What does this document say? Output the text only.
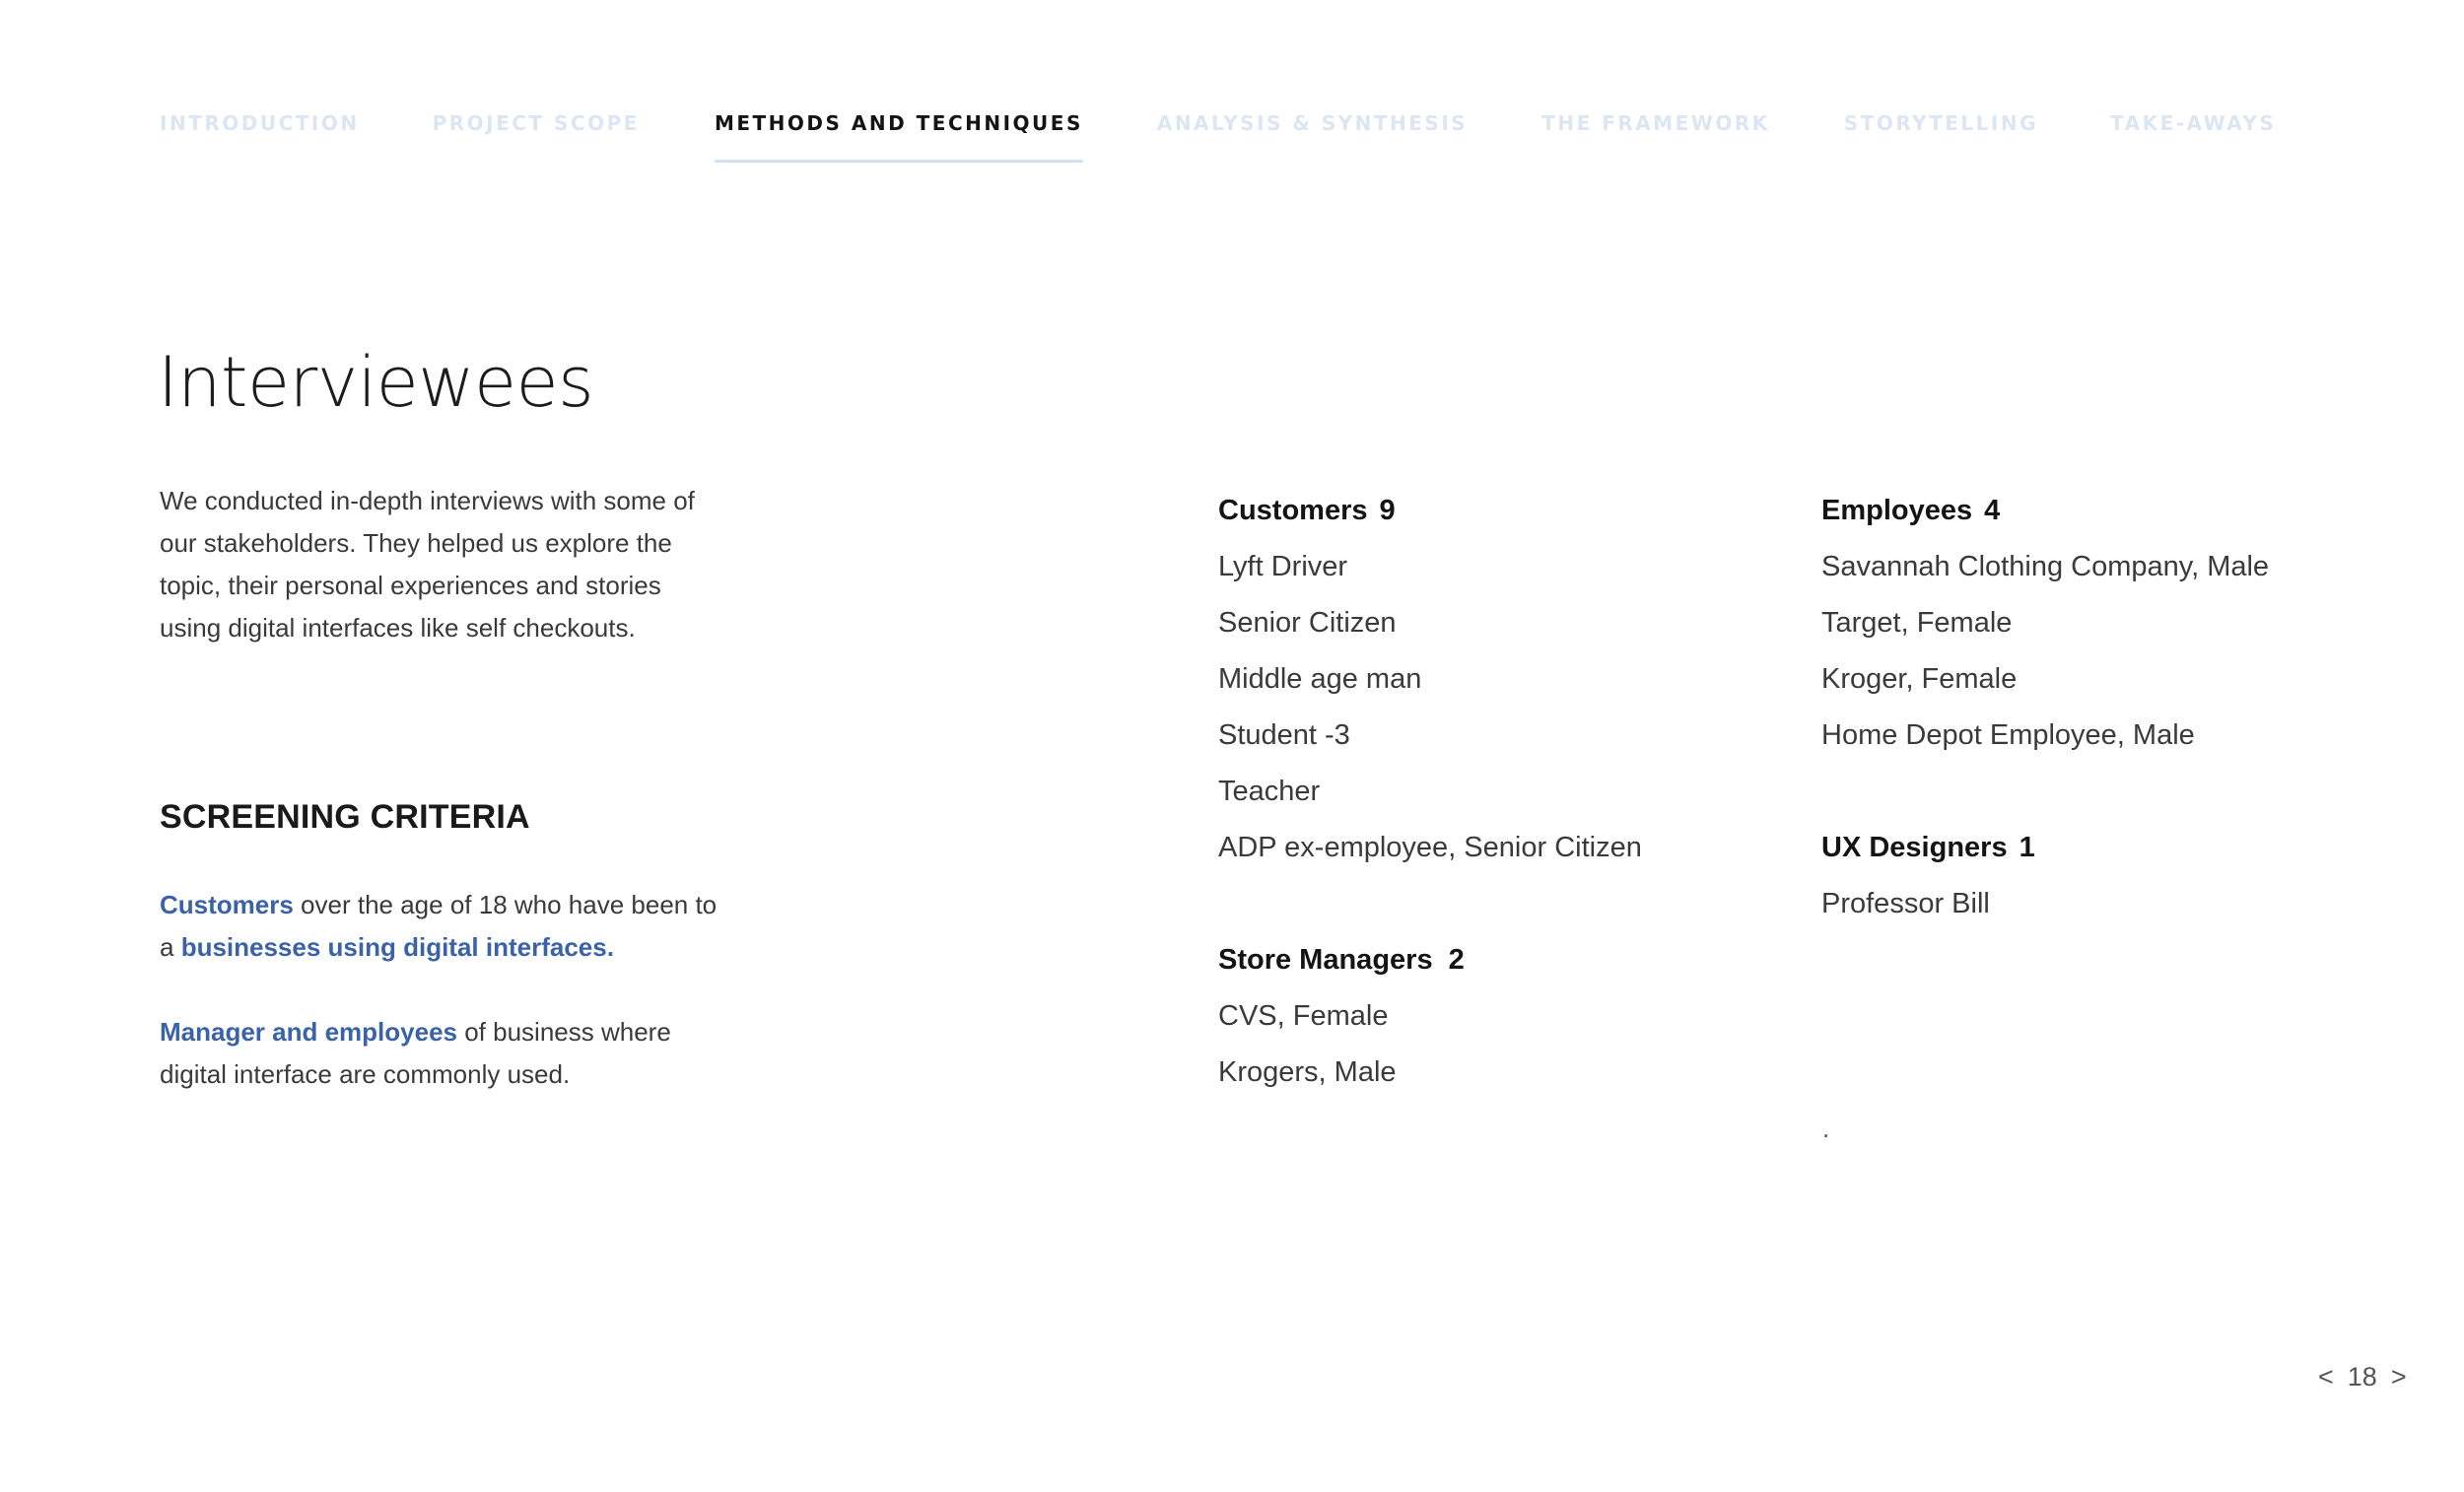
INTRODUCTION	PROJECT SCOPE	METHODS AND TECHNIQUES	ANALYSIS & SYNTHESIS	THE FRAMEWORK	STORYTELLING	TAKE-AWAYS
Interviewees

We conducted in-depth interviews with some of our stakeholders. They helped us explore the topic, their personal experiences and stories using digital interfaces like self checkouts.

SCREENING CRITERIA

Customers over the age of 18 who have been to a businesses using digital interfaces.

Manager and employees of business where digital interface are commonly used.

Customers 9
Lyft Driver
Senior Citizen
Middle age man
Student -3
Teacher
ADP ex-employee, Senior Citizen
Store Managers 2
CVS, Female
Krogers, Male
Employees 4
Savannah Clothing Company, Male
Target, Female
Kroger, Female
Home Depot Employee, Male
UX Designers 1
Professor Bill
.
< 18 >
